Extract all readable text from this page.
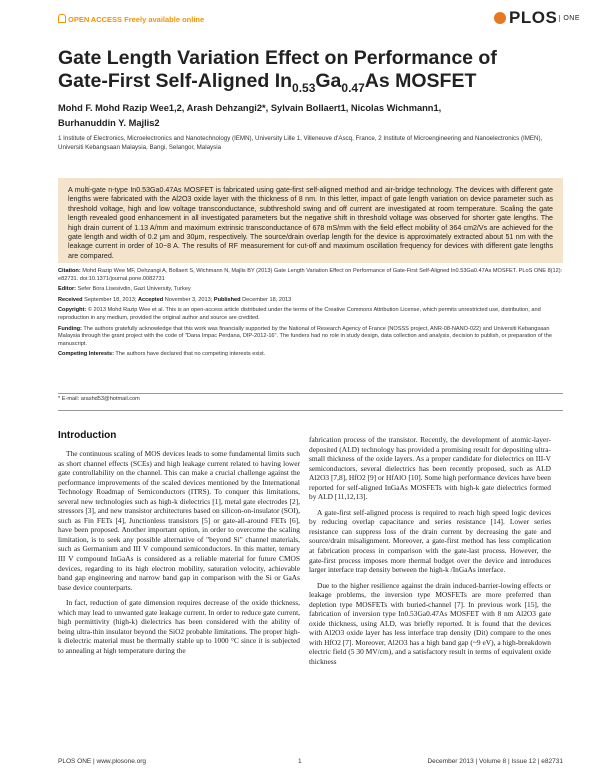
OPEN  ACCESS Freely available online	PLOS ONE
Gate Length Variation Effect on Performance of
Gate-First Self-Aligned $In_{0.53}Ga_{0.47}As$ MOSFET
Mohd F. Mohd Razip Wee1,2, Arash Dehzangi2*, Sylvain Bollaert1, Nicolas Wichmann1,
Burhanuddin Y. Majlis2
1 Institute of Electronics, Microelectronics and Nanotechnology (IEMN), University Lille 1, Villeneuve d'Ascq, France, 2 Institute of Microengineering and Nanoelectronics (IMEN), Universiti Kebangsaan Malaysia, Bangi, Selangor, Malaysia

A multi-gate n-type In0.53Ga0.47As MOSFET is fabricated using gate-first self-aligned method and air-bridge technology. The devices with different gate lengths were fabricated with the Al2O3 oxide layer with the thickness of 8 nm. In this letter, impact of gate length variation on device parameter such as threshold voltage, high and low voltage transconductance, subthreshold swing and off current are investigated at room temperature. Scaling the gate length revealed good enhancement in all investigated parameters but the negative shift in threshold voltage was observed for shorter gate lengths. The high drain current of 1.13 A/mm and maximum extrinsic transconductance of 678 mS/mm with the field effect mobility of 364 cm2/Vs are achieved for the gate length and width of 0.2 μm and 30μm, respectively. The source/drain overlap length for the device is approximately extracted about 51 nm with the leakage current in order of 10−8 A. The results of RF measurement for cut-off and maximum oscillation frequency for devices with different gate lengths are compared.

Citation: Mohd Razip Wee MF, Dehzangi A, Bollaert S, Wichmann N, Majlis BY (2013) Gate Length Variation Effect on Performance of Gate-First Self-Aligned In0.53Ga0.47As MOSFET. PLoS ONE 8(12): e82731. doi:10.1371/journal.pone.0082731

Editor: Sefer Bora Lisesivdin, Gazi University, Turkey

Received September 18, 2013; Accepted November 3, 2013; Published December 18, 2013

Copyright: © 2013 Mohd Razip Wee et al. This is an open-access article distributed under the terms of the Creative Commons Attribution License, which permits unrestricted use, distribution, and reproduction in any medium, provided the original author and source are credited.

Funding: The authors gratefully acknowledge that this work was financially supported by the National of Research Agency of France (NOSSS project, ANR-08-NANO-022) and Universiti Kebangsaan Malaysia through the grant project with the code of "Dana Impac Perdana, DIP-2012-16". The funders had no role in study design, data collection and analysis, decision to publish, or preparation of the manuscript.

Competing Interests: The authors have declared that no competing interests exist.

* E-mail: arashd53@hotmail.com
Introduction

The continuous scaling of MOS devices leads to some fundamental limits such as short channel effects (SCEs) and high leakage current related to having lower gate controllability on the channel. This can make a crucial challenge against the performance improvements of the scaled devices mentioned by the International Technology Roadmap of Semiconductors (ITRS). To conquer this limitations, several new technologies such as high-k dielectrics [1], metal gate electrodes [2], stressors [3], and new transistor architectures based on silicon-on-insulator (SOI), such as Fin FETs [4], Junctionless transistors [5] or gate-all-around FETs [6], have been proposed. Another important option, in order to overcome the scaling limitation, is to seek any possible alternative of "beyond Si" channel materials, such as Germanium and III V compound semiconductors. In this matter, ternary III V compound InGaAs is considered as a reliable material for future CMOS devices, regarding to its high electron mobility, saturation velocity, achievable band gap engineering and narrow band gap in comparison with the Si or GaAs base device counterparts.

In fact, reduction of gate dimension requires decrease of the oxide thickness, which may lead to unwanted gate leakage current. In order to reduce gate current, high permittivity (high-k) dielectrics has been considered with the ability of being ultra-thin insulator beyond the SiO2 probable limitations. The proper high-k dielectric material must be thermally stable up to 1000 °C since it is subjected to annealing at high temperature during the

fabrication process of the transistor. Recently, the development of atomic-layer-deposited (ALD) technology has provided a promising result for depositing ultra-small thickness of the oxide layers. As a proper candidate for dielectrics on III-V semiconductors, several dielectrics has been recently proposed, such as ALD Al2O3 [7,8], HfO2 [9] or HfAlO [10]. Some high performance devices have been reported for self-aligned InGaAs MOSFETs with high-k gate dielectrics formed by ALD [11,12,13].

A gate-first self-aligned process is required to reach high speed logic devices by reducing overlap capacitance and series resistance [14]. Lower series resistance can suppress loss of the drain current by decreasing the gate and source/drain misalignment. Moreover, a gate-first method has less complication at fabrication process in comparison with the gate-last process. However, the gate-first process imposes more thermal budget over the device and introduces larger interface trap density between the high-k /InGaAs interface.

Due to the higher resilience against the drain induced-barrier-lowing effects or leakage problems, the inversion type MOSFETs are more preferred than depletion type MOSFETs with buried-channel [7]. In previous work [15], the fabrication of inversion type In0.53Ga0.47As MOSFET with 8 nm Al2O3 gate oxide thickness, using ALD, was briefly reported. It is found that the devices with Al2O3 oxide layer has less interface trap density (Dit) compare to the ones with HfO2 [7]. Moreover, Al2O3 has a high band gap (~9 eV), a high-breakdown electric field (5 30 MV/cm), and a satisfactory result in terms of equivalent oxide thickness

PLOS ONE | www.plosone.org	1	December 2013 | Volume 8 | Issue 12 | e82731
